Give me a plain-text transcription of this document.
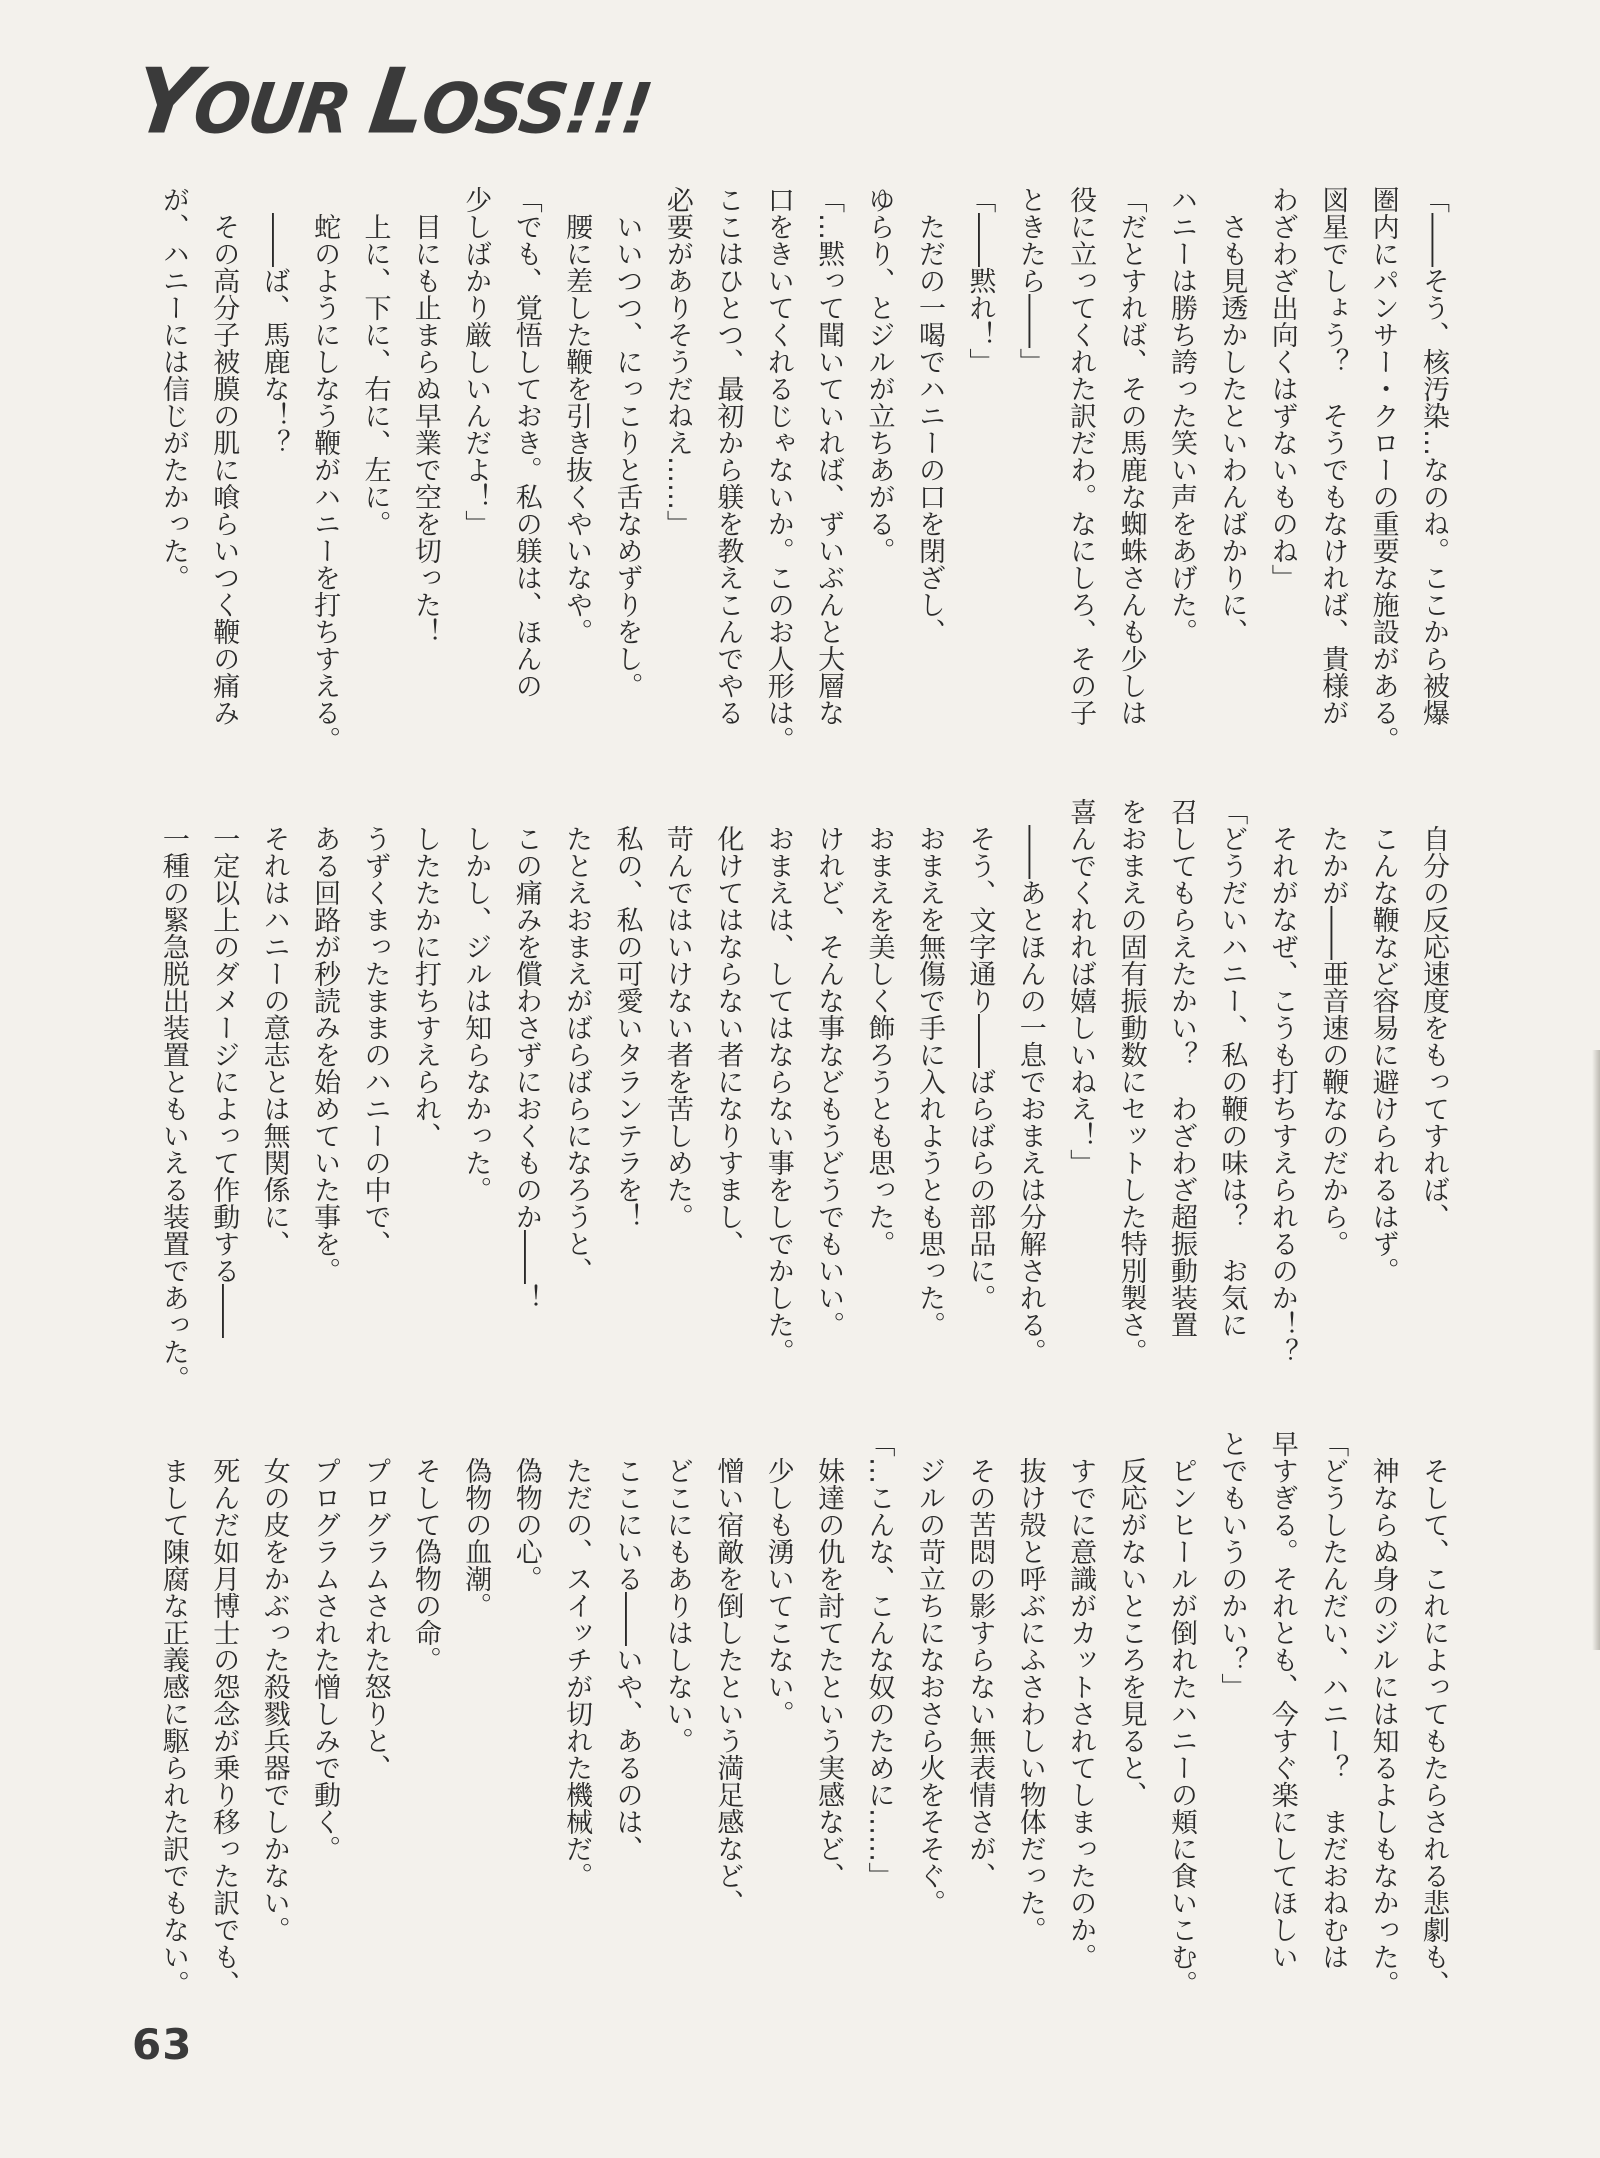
YOUR LOSS!!!
「――そう、核汚染…なのね。ここから被爆
圏内にパンサー・クローの重要な施設がある。
図星でしょう？　そうでもなければ、貴様が
わざわざ出向くはずないものね」
　さも見透かしたといわんばかりに、
ハニーは勝ち誇った笑い声をあげた。
「だとすれば、その馬鹿な蜘蛛さんも少しは
役に立ってくれた訳だわ。なにしろ、その子
ときたら――」
「――黙れ！」
　ただの一喝でハニーの口を閉ざし、
ゆらり、とジルが立ちあがる。
「…黙って聞いていれば、ずいぶんと大層な
口をきいてくれるじゃないか。このお人形は。
ここはひとつ、最初から躾を教えこんでやる
必要がありそうだねえ……」
　いいつつ、にっこりと舌なめずりをし。
　腰に差した鞭を引き抜くやいなや。
「でも、覚悟しておき。私の躾は、ほんの
少しばかり厳しいんだよ！」
　目にも止まらぬ早業で空を切った！
　上に、下に、右に、左に。
　蛇のようにしなう鞭がハニーを打ちすえる。
　――ば、馬鹿な！？
　その高分子被膜の肌に喰らいつく鞭の痛み
が、ハニーには信じがたかった。
　自分の反応速度をもってすれば、
　こんな鞭など容易に避けられるはず。
　たかが――亜音速の鞭なのだから。
　それがなぜ、こうも打ちすえられるのか！？
「どうだいハニー、私の鞭の味は？　お気に
召してもらえたかい？　わざわざ超振動装置
をおまえの固有振動数にセットした特別製さ。
喜んでくれれば嬉しいねえ！」
　――あとほんの一息でおまえは分解される。
　そう、文字通り――ばらばらの部品に。
　おまえを無傷で手に入れようとも思った。
　おまえを美しく飾ろうとも思った。
　けれど、そんな事などもうどうでもいい。
　おまえは、してはならない事をしでかした。
　化けてはならない者になりすまし、
　苛んではいけない者を苦しめた。
　私の、私の可愛いタランテラを！
　たとえおまえがばらばらになろうと、
　この痛みを償わさずにおくものか――！
　しかし、ジルは知らなかった。
　したたかに打ちすえられ、
　うずくまったままのハニーの中で、
　ある回路が秒読みを始めていた事を。
　それはハニーの意志とは無関係に、
　一定以上のダメージによって作動する――
　一種の緊急脱出装置ともいえる装置であった。
　そして、これによってもたらされる悲劇も、
　神ならぬ身のジルには知るよしもなかった。
「どうしたんだい、ハニー？　まだおねむは
早すぎる。それとも、今すぐ楽にしてほしい
とでもいうのかい？」
　ピンヒールが倒れたハニーの頬に食いこむ。
　反応がないところを見ると、
　すでに意識がカットされてしまったのか。
　抜け殻と呼ぶにふさわしい物体だった。
　その苦悶の影すらない無表情さが、
　ジルの苛立ちになおさら火をそそぐ。
「…こんな、こんな奴のために……」
　妹達の仇を討てたという実感など、
　少しも湧いてこない。
　憎い宿敵を倒したという満足感など、
　どこにもありはしない。
　ここにいる――いや、あるのは、
　ただの、スイッチが切れた機械だ。
　偽物の心。
　偽物の血潮。
　そして偽物の命。
　プログラムされた怒りと、
　プログラムされた憎しみで動く。
　女の皮をかぶった殺戮兵器でしかない。
　死んだ如月博士の怨念が乗り移った訳でも、
　まして陳腐な正義感に駆られた訳でもない。
63
